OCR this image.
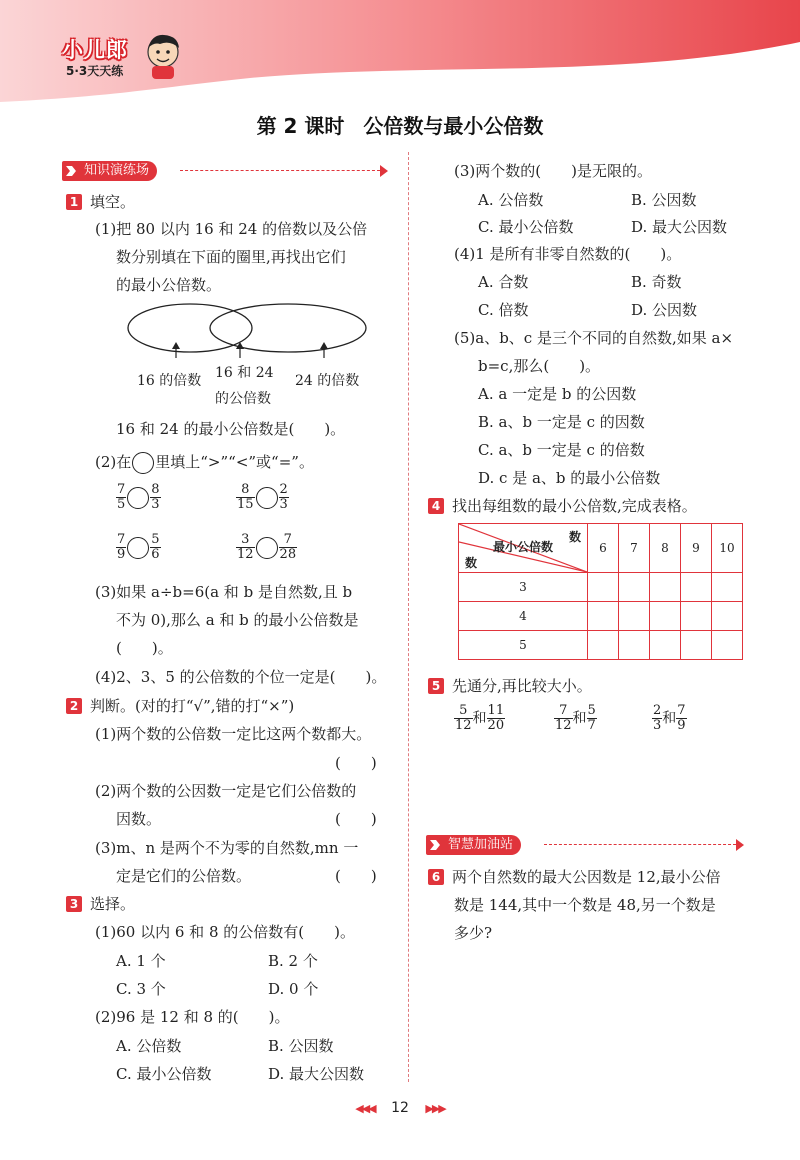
小儿郎
5·3天天练
第 2 课时 公倍数与最小公倍数
知识演练场
1 填空。
(1)把 80 以内 16 和 24 的倍数以及公倍
数分别填在下面的圈里,再找出它们
的最小公倍数。
16 的倍数 16 和 24
的公倍数
24 的倍数
16 和 24 的最小公倍数是(　　)。
(2)在 里填上“>”“<”或“=”。
$\frac{7}{5} \frac{8}{3}$	$\frac{8}{15} \frac{2}{3}$
$\frac{7}{9} \frac{5}{6}$	$\frac{3}{12} \frac{7}{28}$
(3)如果 a÷b=6(a 和 b 是自然数,且 b
不为 0),那么 a 和 b 的最小公倍数是
(　　)。
(4)2、3、5 的公倍数的个位一定是(　　)。
2 判断。(对的打“√”,错的打“×”)
(1)两个数的公倍数一定比这两个数都大。
(　　)
(2)两个数的公因数一定是它们公倍数的
因数。	(　　)
(3)m、n 是两个不为零的自然数,mn 一
定是它们的公倍数。	(　　)
3 选择。
(1)60 以内 6 和 8 的公倍数有(　　)。
A. 1 个	B. 2 个
C. 3 个	D. 0 个
(2)96 是 12 和 8 的(　　)。
A. 公倍数	B. 公因数
C. 最小公倍数	D. 最大公因数
(3)两个数的(　　)是无限的。
A. 公倍数	B. 公因数
C. 最小公倍数	D. 最大公因数
(4)1 是所有非零自然数的(　　)。
A. 合数	B. 奇数
C. 倍数	D. 公因数
(5)a、b、c 是三个不同的自然数,如果 a×
b=c,那么(　　)。
A. a 一定是 b 的公因数
B. a、b 一定是 c 的因数
C. a、b 一定是 c 的倍数
D. c 是 a、b 的最小公倍数
4 找出每组数的最小公倍数,完成表格。
数
最小公倍数
数	6	7	8	9	10
3					
4					
5					
5 先通分,再比较大小。
$\frac{5}{12}$ 和 $\frac{11}{20}$	$\frac{7}{12}$ 和 $\frac{5}{7}$	$\frac{2}{3}$ 和 $\frac{7}{9}$
智慧加油站
6 两个自然数的最大公因数是 12,最小公倍
数是 144,其中一个数是 48,另一个数是
多少?
◀◀◀ 12 ▶▶▶
